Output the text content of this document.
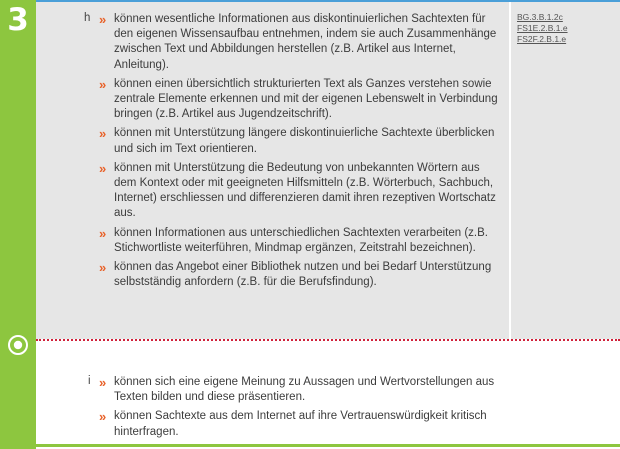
3	h » können wesentliche Informationen aus diskontinuierlichen Sachtexten für den eigenen Wissensaufbau entnehmen, indem sie auch Zusammenhänge zwischen Text und Abbildungen herstellen (z.B. Artikel aus Internet, Anleitung).
» können einen übersichtlich strukturierten Text als Ganzes verstehen sowie zentrale Elemente erkennen und mit der eigenen Lebenswelt in Verbindung bringen (z.B. Artikel aus Jugendzeitschrift).
» können mit Unterstützung längere diskontinuierliche Sachtexte überblicken und sich im Text orientieren.
» können mit Unterstützung die Bedeutung von unbekannten Wörtern aus dem Kontext oder mit geeigneten Hilfsmitteln (z.B. Wörterbuch, Sachbuch, Internet) erschliessen und differenzieren damit ihren rezeptiven Wortschatz aus.
» können Informationen aus unterschiedlichen Sachtexten verarbeiten (z.B. Stichwortliste weiterführen, Mindmap ergänzen, Zeitstrahl bezeichnen).
» können das Angebot einer Bibliothek nutzen und bei Bedarf Unterstützung selbstständig anfordern (z.B. für die Berufsfindung).
BG.3.B.1.2c
FS1E.2.B.1.e
FS2F.2.B.1.e
i » können sich eine eigene Meinung zu Aussagen und Wertvorstellungen aus Texten bilden und diese präsentieren.
» können Sachtexte aus dem Internet auf ihre Vertrauenswürdigkeit kritisch hinterfragen.
